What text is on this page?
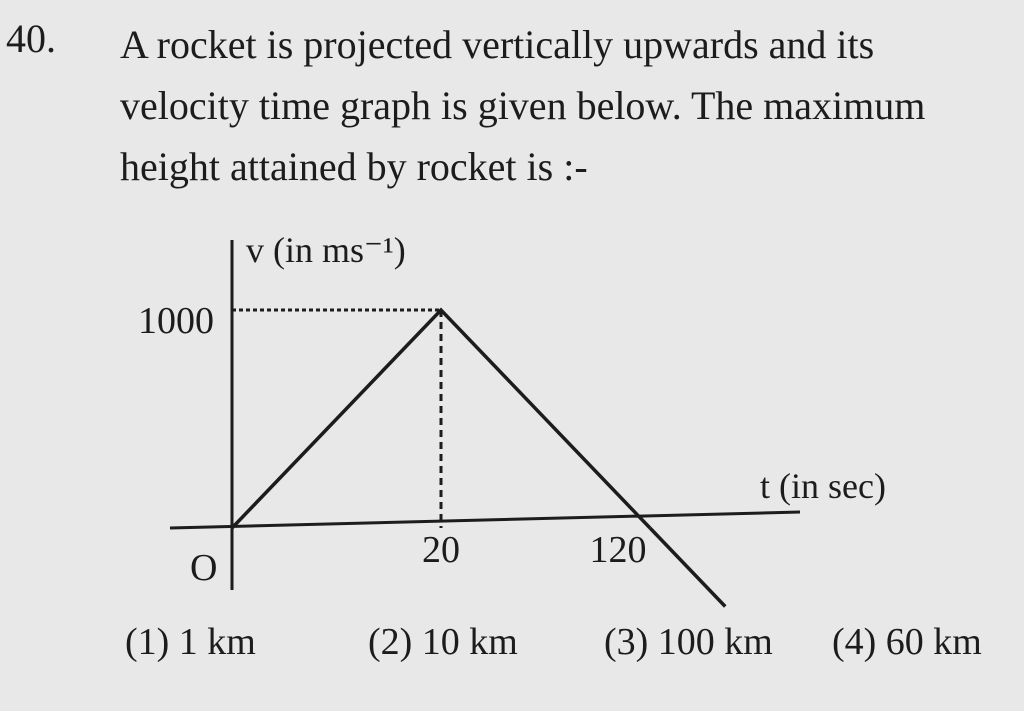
40. A rocket is projected vertically upwards and its
velocity time graph is given below. The maximum
height attained by rocket is :-
v (in ms⁻¹)
t (in sec)
O
1000
20	120
(1) 1 km	(2) 10 km (3) 100 km (4) 60 km
